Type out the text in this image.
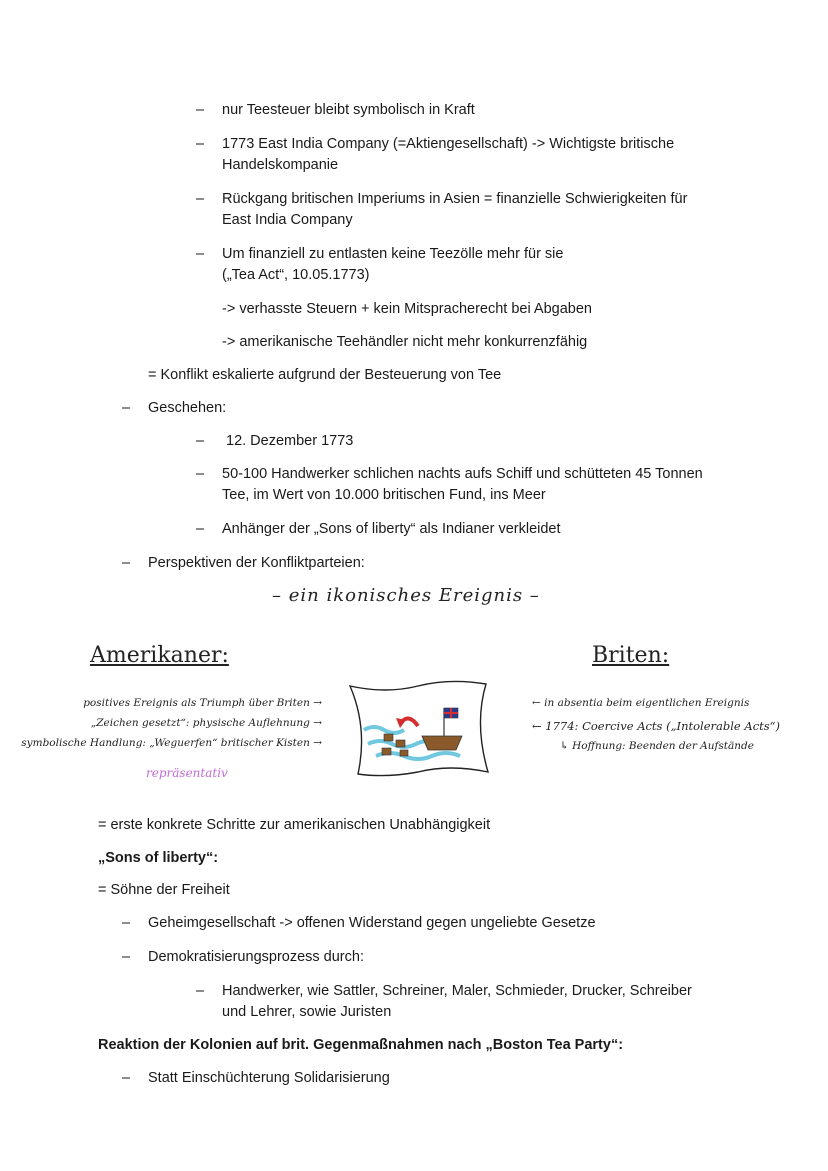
– nur Teesteuer bleibt symbolisch in Kraft
– 1773 East India Company (=Aktiengesellschaft) -> Wichtigste britische
Handelskompanie
– Rückgang britischen Imperiums in Asien = finanzielle Schwierigkeiten für
East India Company
– Um finanziell zu entlasten keine Teezölle mehr für sie
(„Tea Act“, 10.05.1773)
-> verhasste Steuern + kein Mitspracherecht bei Abgaben
-> amerikanische Teehändler nicht mehr konkurrenzfähig
= Konflikt eskalierte aufgrund der Besteuerung von Tee
– Geschehen:
– 12. Dezember 1773
– 50-100 Handwerker schlichen nachts aufs Schiff und schütteten 45 Tonnen
Tee, im Wert von 10.000 britischen Fund, ins Meer
– Anhänger der „Sons of liberty“ als Indianer verkleidet
– Perspektiven der Konfliktparteien:
– ein ikonisches Ereignis –
Amerikaner:
positives Ereignis als Triumph über Briten →
„Zeichen gesetzt“: physische Auflehnung →
symbolische Handlung: „Weguerfen“ britischer Kisten →
repräsentativ
Briten:
← in absentia beim eigentlichen Ereignis
← 1774: Coercive Acts („Intolerable Acts“)
↳ Hoffnung: Beenden der Aufstände
= erste konkrete Schritte zur amerikanischen Unabhängigkeit
„Sons of liberty“:
= Söhne der Freiheit
– Geheimgesellschaft -> offenen Widerstand gegen ungeliebte Gesetze
– Demokratisierungsprozess durch:
– Handwerker, wie Sattler, Schreiner, Maler, Schmieder, Drucker, Schreiber
und Lehrer, sowie Juristen
Reaktion der Kolonien auf brit. Gegenmaßnahmen nach „Boston Tea Party“:
– Statt Einschüchterung Solidarisierung
